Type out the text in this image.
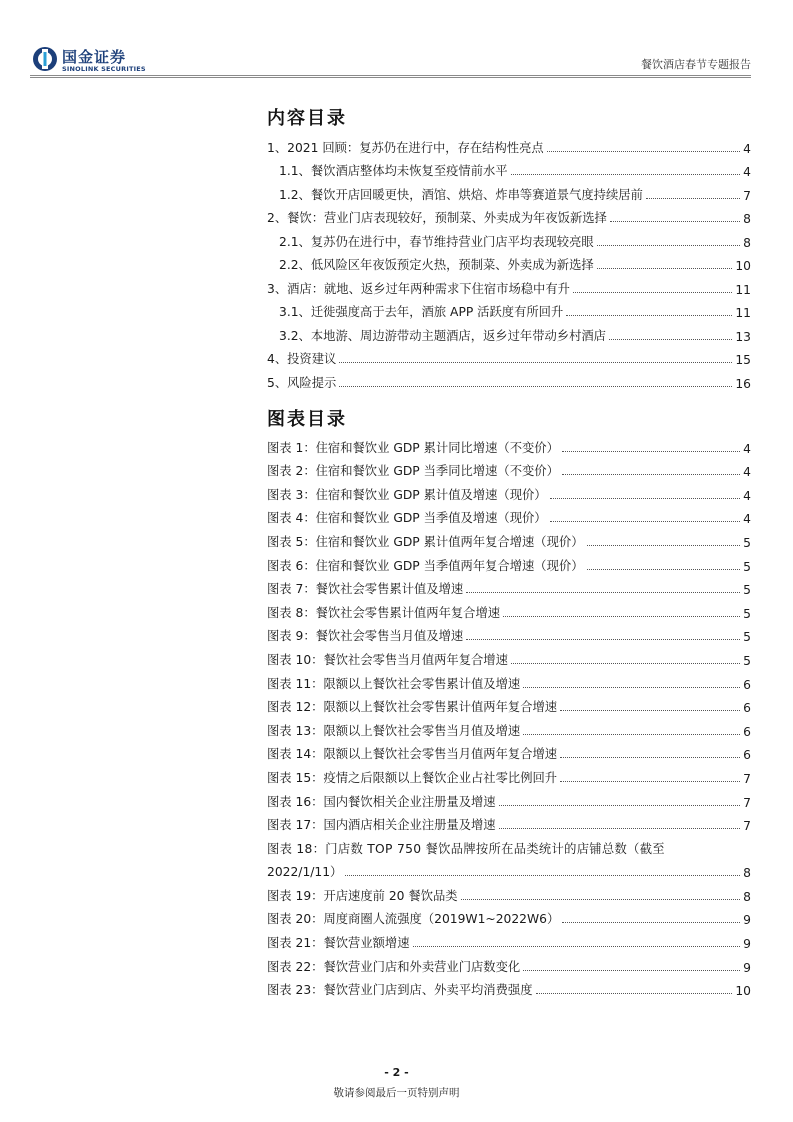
国金证券
SINOLINK SECURITIES	餐饮酒店春节专题报告
内容目录
1、2021 回顾：复苏仍在进行中，存在结构性亮点	4
1.1、餐饮酒店整体均未恢复至疫情前水平	4
1.2、餐饮开店回暖更快，酒馆、烘焙、炸串等赛道景气度持续居前	7
2、餐饮：营业门店表现较好，预制菜、外卖成为年夜饭新选择	8
2.1、复苏仍在进行中，春节维持营业门店平均表现较亮眼	8
2.2、低风险区年夜饭预定火热，预制菜、外卖成为新选择	10
3、酒店：就地、返乡过年两种需求下住宿市场稳中有升	11
3.1、迁徙强度高于去年，酒旅 APP 活跃度有所回升	11
3.2、本地游、周边游带动主题酒店，返乡过年带动乡村酒店	13
4、投资建议	15
5、风险提示	16
图表目录
图表 1：住宿和餐饮业 GDP 累计同比增速（不变价）	4
图表 2：住宿和餐饮业 GDP 当季同比增速（不变价）	4
图表 3：住宿和餐饮业 GDP 累计值及增速（现价）	4
图表 4：住宿和餐饮业 GDP 当季值及增速（现价）	4
图表 5：住宿和餐饮业 GDP 累计值两年复合增速（现价）	5
图表 6：住宿和餐饮业 GDP 当季值两年复合增速（现价）	5
图表 7：餐饮社会零售累计值及增速	5
图表 8：餐饮社会零售累计值两年复合增速	5
图表 9：餐饮社会零售当月值及增速	5
图表 10：餐饮社会零售当月值两年复合增速	5
图表 11：限额以上餐饮社会零售累计值及增速	6
图表 12：限额以上餐饮社会零售累计值两年复合增速	6
图表 13：限额以上餐饮社会零售当月值及增速	6
图表 14：限额以上餐饮社会零售当月值两年复合增速	6
图表 15：疫情之后限额以上餐饮企业占社零比例回升	7
图表 16：国内餐饮相关企业注册量及增速	7
图表 17：国内酒店相关企业注册量及增速	7
图表 18：门店数 TOP 750 餐饮品牌按所在品类统计的店铺总数（截至
2022/1/11）	8
图表 19：开店速度前 20 餐饮品类	8
图表 20：周度商圈人流强度（2019W1~2022W6）	9
图表 21：餐饮营业额增速	9
图表 22：餐饮营业门店和外卖营业门店数变化	9
图表 23：餐饮营业门店到店、外卖平均消费强度	10
- 2 -
敬请参阅最后一页特别声明
